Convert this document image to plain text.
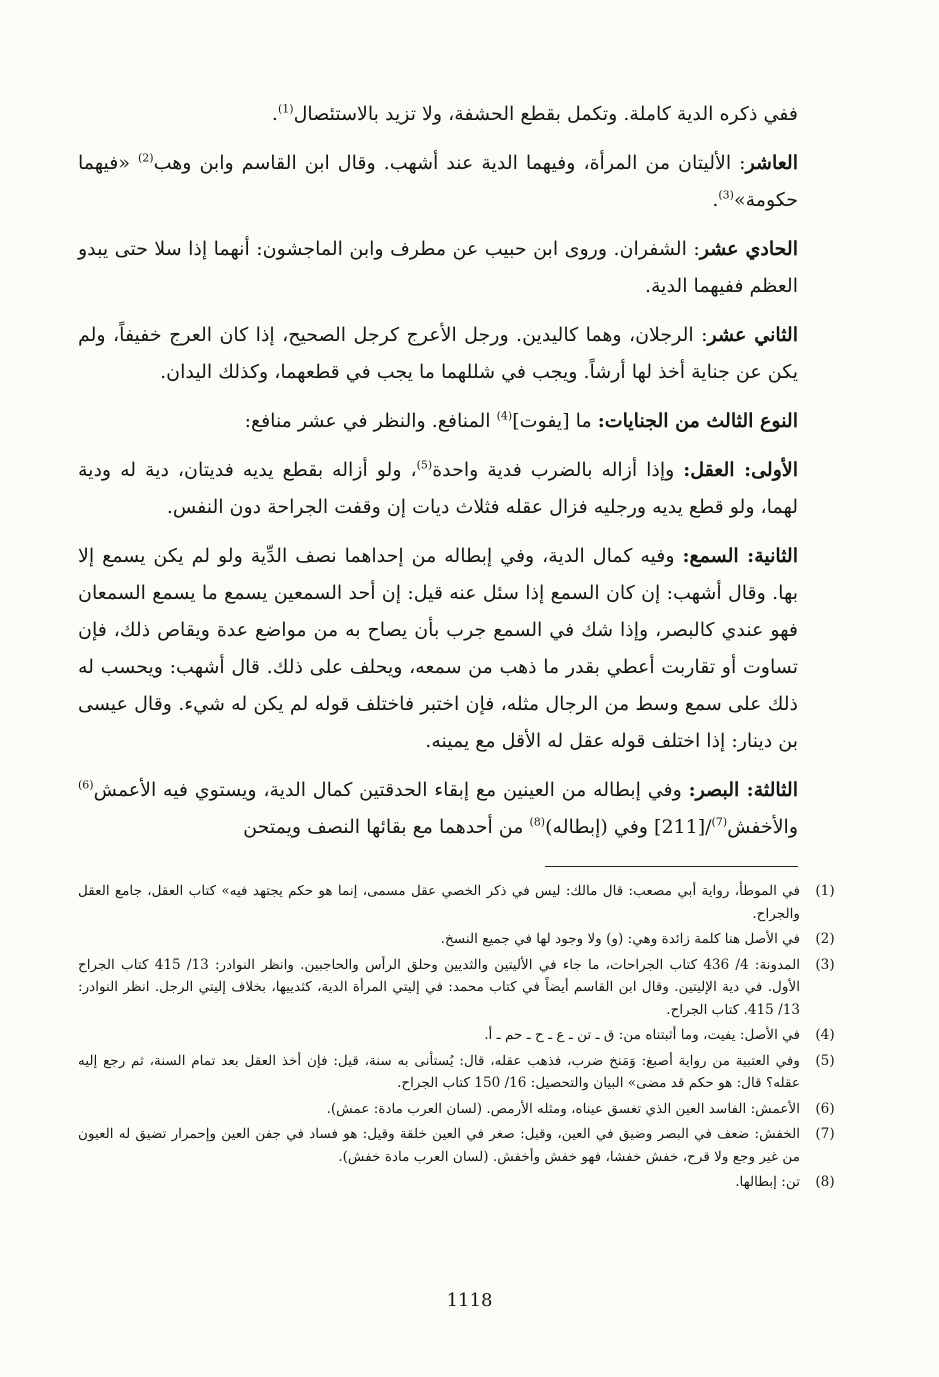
ففي ذكره الدية كاملة. وتكمل بقطع الحشفة، ولا تزيد بالاستئصال$^{(1)}$.

العاشر: الأليتان من المرأة، وفيهما الدية عند أشهب. وقال ابن القاسم وابن وهب$^{(2)}$ «فيهما حكومة»$^{(3)}$.

الحادي عشر: الشفران. وروى ابن حبيب عن مطرف وابن الماجشون: أنهما إذا سلا حتى يبدو العظم ففيهما الدية.

الثاني عشر: الرجلان، وهما كاليدين. ورجل الأعرج كرجل الصحيح، إذا كان العرج خفيفاً، ولم يكن عن جناية أخذ لها أرشاً. ويجب في شللهما ما يجب في قطعهما، وكذلك اليدان.

النوع الثالث من الجنايات: ما [يفوت]$^{(4)}$ المنافع. والنظر في عشر منافع:

الأولى: العقل: وإذا أزاله بالضرب فدية واحدة$^{(5)}$، ولو أزاله بقطع يديه فديتان، دية له ودية لهما، ولو قطع يديه ورجليه فزال عقله فثلاث ديات إن وقفت الجراحة دون النفس.

الثانية: السمع: وفيه كمال الدية، وفي إبطاله من إحداهما نصف الدِّية ولو لم يكن يسمع إلا بها. وقال أشهب: إن كان السمع إذا سئل عنه قيل: إن أحد السمعين يسمع ما يسمع السمعان فهو عندي كالبصر، وإذا شك في السمع جرب بأن يصاح به من مواضع عدة ويقاص ذلك، فإن تساوت أو تقاربت أعطي بقدر ما ذهب من سمعه، ويحلف على ذلك. قال أشهب: ويحسب له ذلك على سمع وسط من الرجال مثله، فإن اختبر فاختلف قوله لم يكن له شيء. وقال عيسى بن دينار: إذا اختلف قوله عقل له الأقل مع يمينه.

الثالثة: البصر: وفي إبطاله من العينين مع إبقاء الحدقتين كمال الدية، ويستوي فيه الأعمش$^{(6)}$ والأخفش$^{(7)}$/[211] وفي (إبطاله)$^{(8)}$ من أحدهما مع بقائها النصف ويمتحن

(1)
في الموطأ، رواية أبي مصعب: قال مالك: ليس في ذكر الخصي عقل مسمى، إنما هو حكم يجتهد فيه» كتاب العقل، جامع العقل والجراح.
(2)
في الأصل هنا كلمة زائدة وهي: (و) ولا وجود لها في جميع النسخ.
(3)
المدونة: 4/ 436 كتاب الجراحات، ما جاء في الأليتين والثديين وحلق الرأس والحاجبين. وانظر النوادر: 13/ 415 كتاب الجراح الأول. في دية الإليتين. وقال ابن القاسم أيضاً في كتاب محمد: في إليتي المرأة الدية، كثدييها، بخلاف إليتي الرجل. انظر النوادر: 13/ 415. كتاب الجراح.
(4)
في الأصل: يفيت، وما أثبتناه من: ق ـ تن ـ ع ـ ح ـ حم ـ أ.
(5)
وفي العتبية من رواية أصبغ: وَمَنخ ضرب، فذهب عقله، قال: يُستأنى به سنة، قيل: فإن أخذ العقل بعد تمام السنة، ثم رجع إليه عقله؟ قال: هو حكم قد مضى» البيان والتحصيل: 16/ 150 كتاب الجراح.
(6)
الأعمش: الفاسد العين الذي تغسق عيناه، ومثله الأرمص. (لسان العرب مادة: عمش).
(7)
الخفش: ضعف في البصر وضيق في العين، وقيل: صغر في العين خلقة وقيل: هو فساد في جفن العين وإحمرار تضيق له العيون من غير وجع ولا قرح، خفش خفشا، فهو خفش وأخفش. (لسان العرب مادة خفش).
(8)
تن: إبطالها.
1118
